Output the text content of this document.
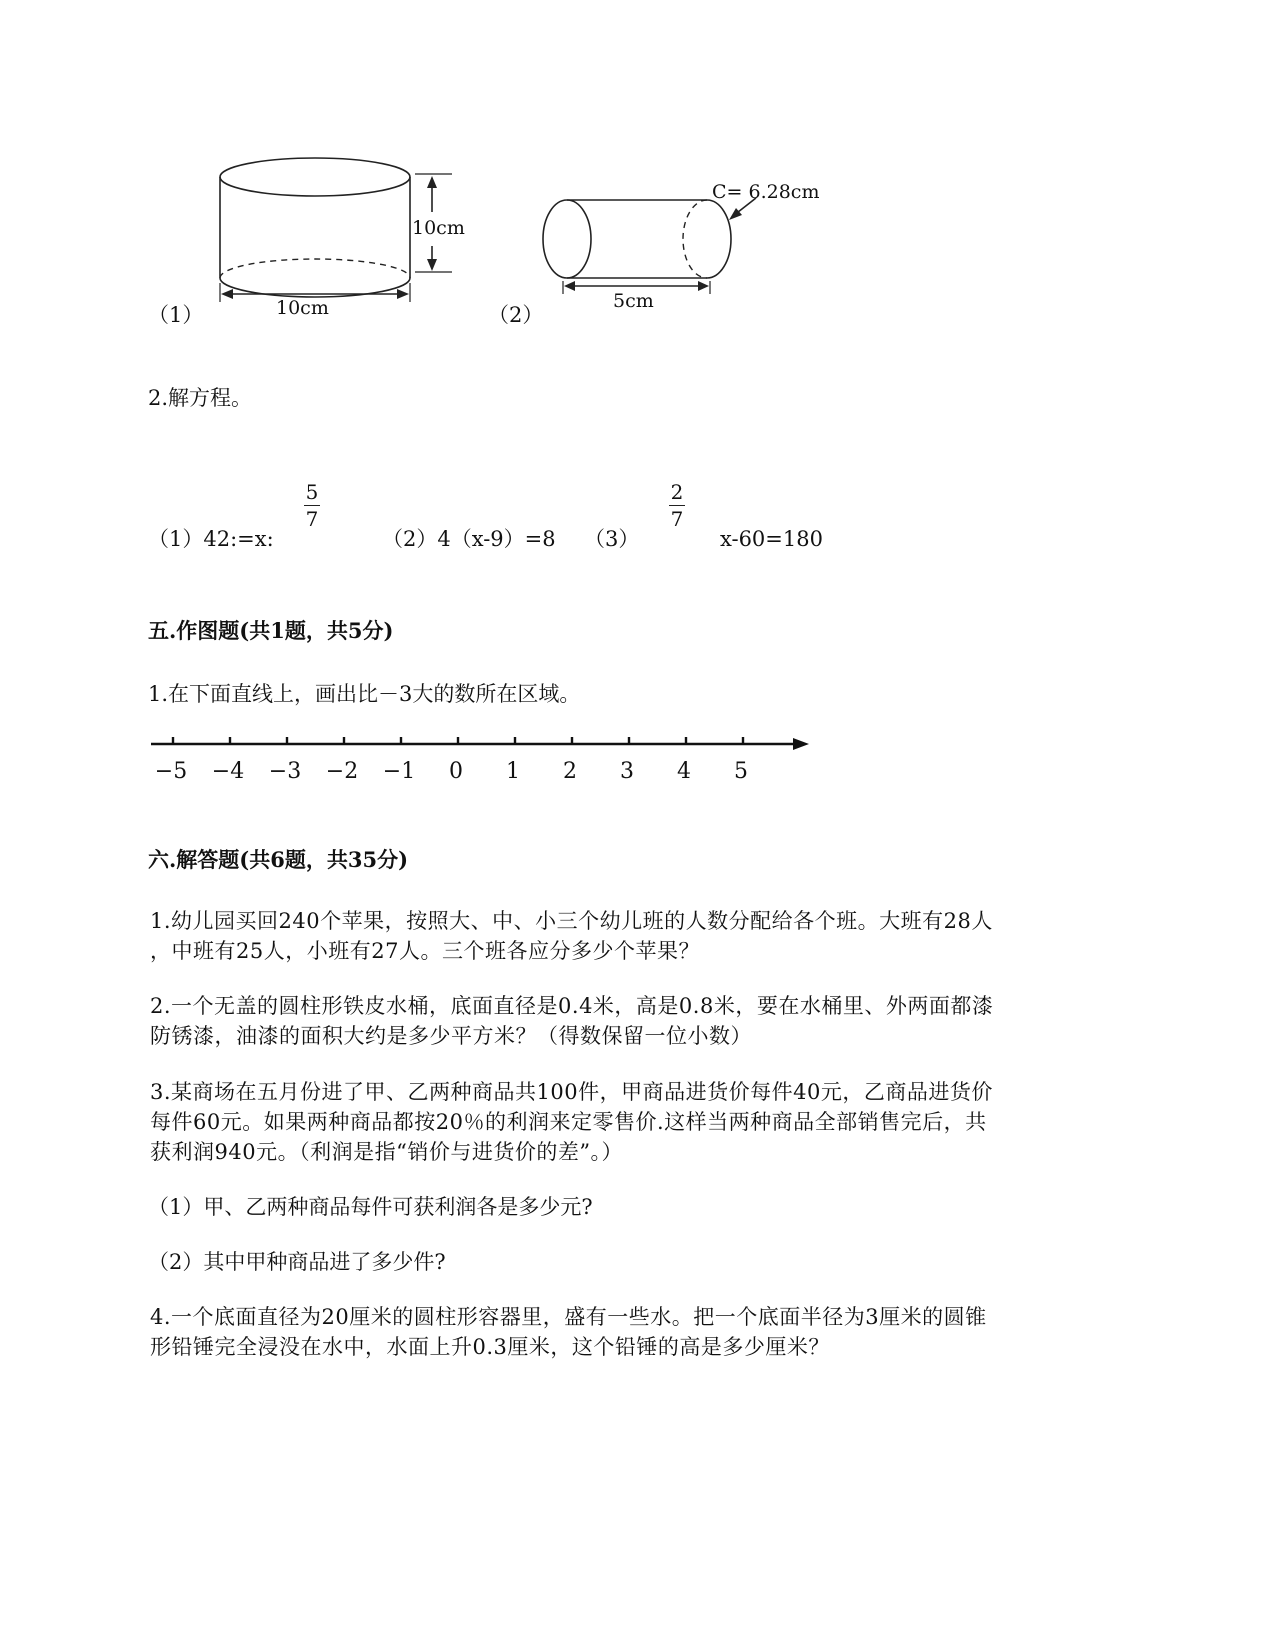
（1）
10cm
10cm	（2）
C= 6.28cm
5cm
2.解方程。
（1）42:=x:
5
7
（2）4（x-9）=8 （3）
2
7
x-60=180
五.作图题(共1题，共5分)
1.在下面直线上，画出比－3大的数所在区域。
−5 −4 −3 −2 −1 0 1 2 3 4 5
六.解答题(共6题，共35分)
1.幼儿园买回240个苹果，按照大、中、小三个幼儿班的人数分配给各个班。大班有28人
，中班有25人，小班有27人。三个班各应分多少个苹果？
2.一个无盖的圆柱形铁皮水桶，底面直径是0.4米，高是0.8米，要在水桶里、外两面都漆
防锈漆，油漆的面积大约是多少平方米？（得数保留一位小数）
3.某商场在五月份进了甲、乙两种商品共100件，甲商品进货价每件40元，乙商品进货价
每件60元。如果两种商品都按20％的利润来定零售价.这样当两种商品全部销售完后，共
获利润940元。（利润是指“销价与进货价的差”。）
（1）甲、乙两种商品每件可获利润各是多少元?
（2）其中甲种商品进了多少件?
4.一个底面直径为20厘米的圆柱形容器里，盛有一些水。把一个底面半径为3厘米的圆锥
形铅锤完全浸没在水中，水面上升0.3厘米，这个铅锤的高是多少厘米？
